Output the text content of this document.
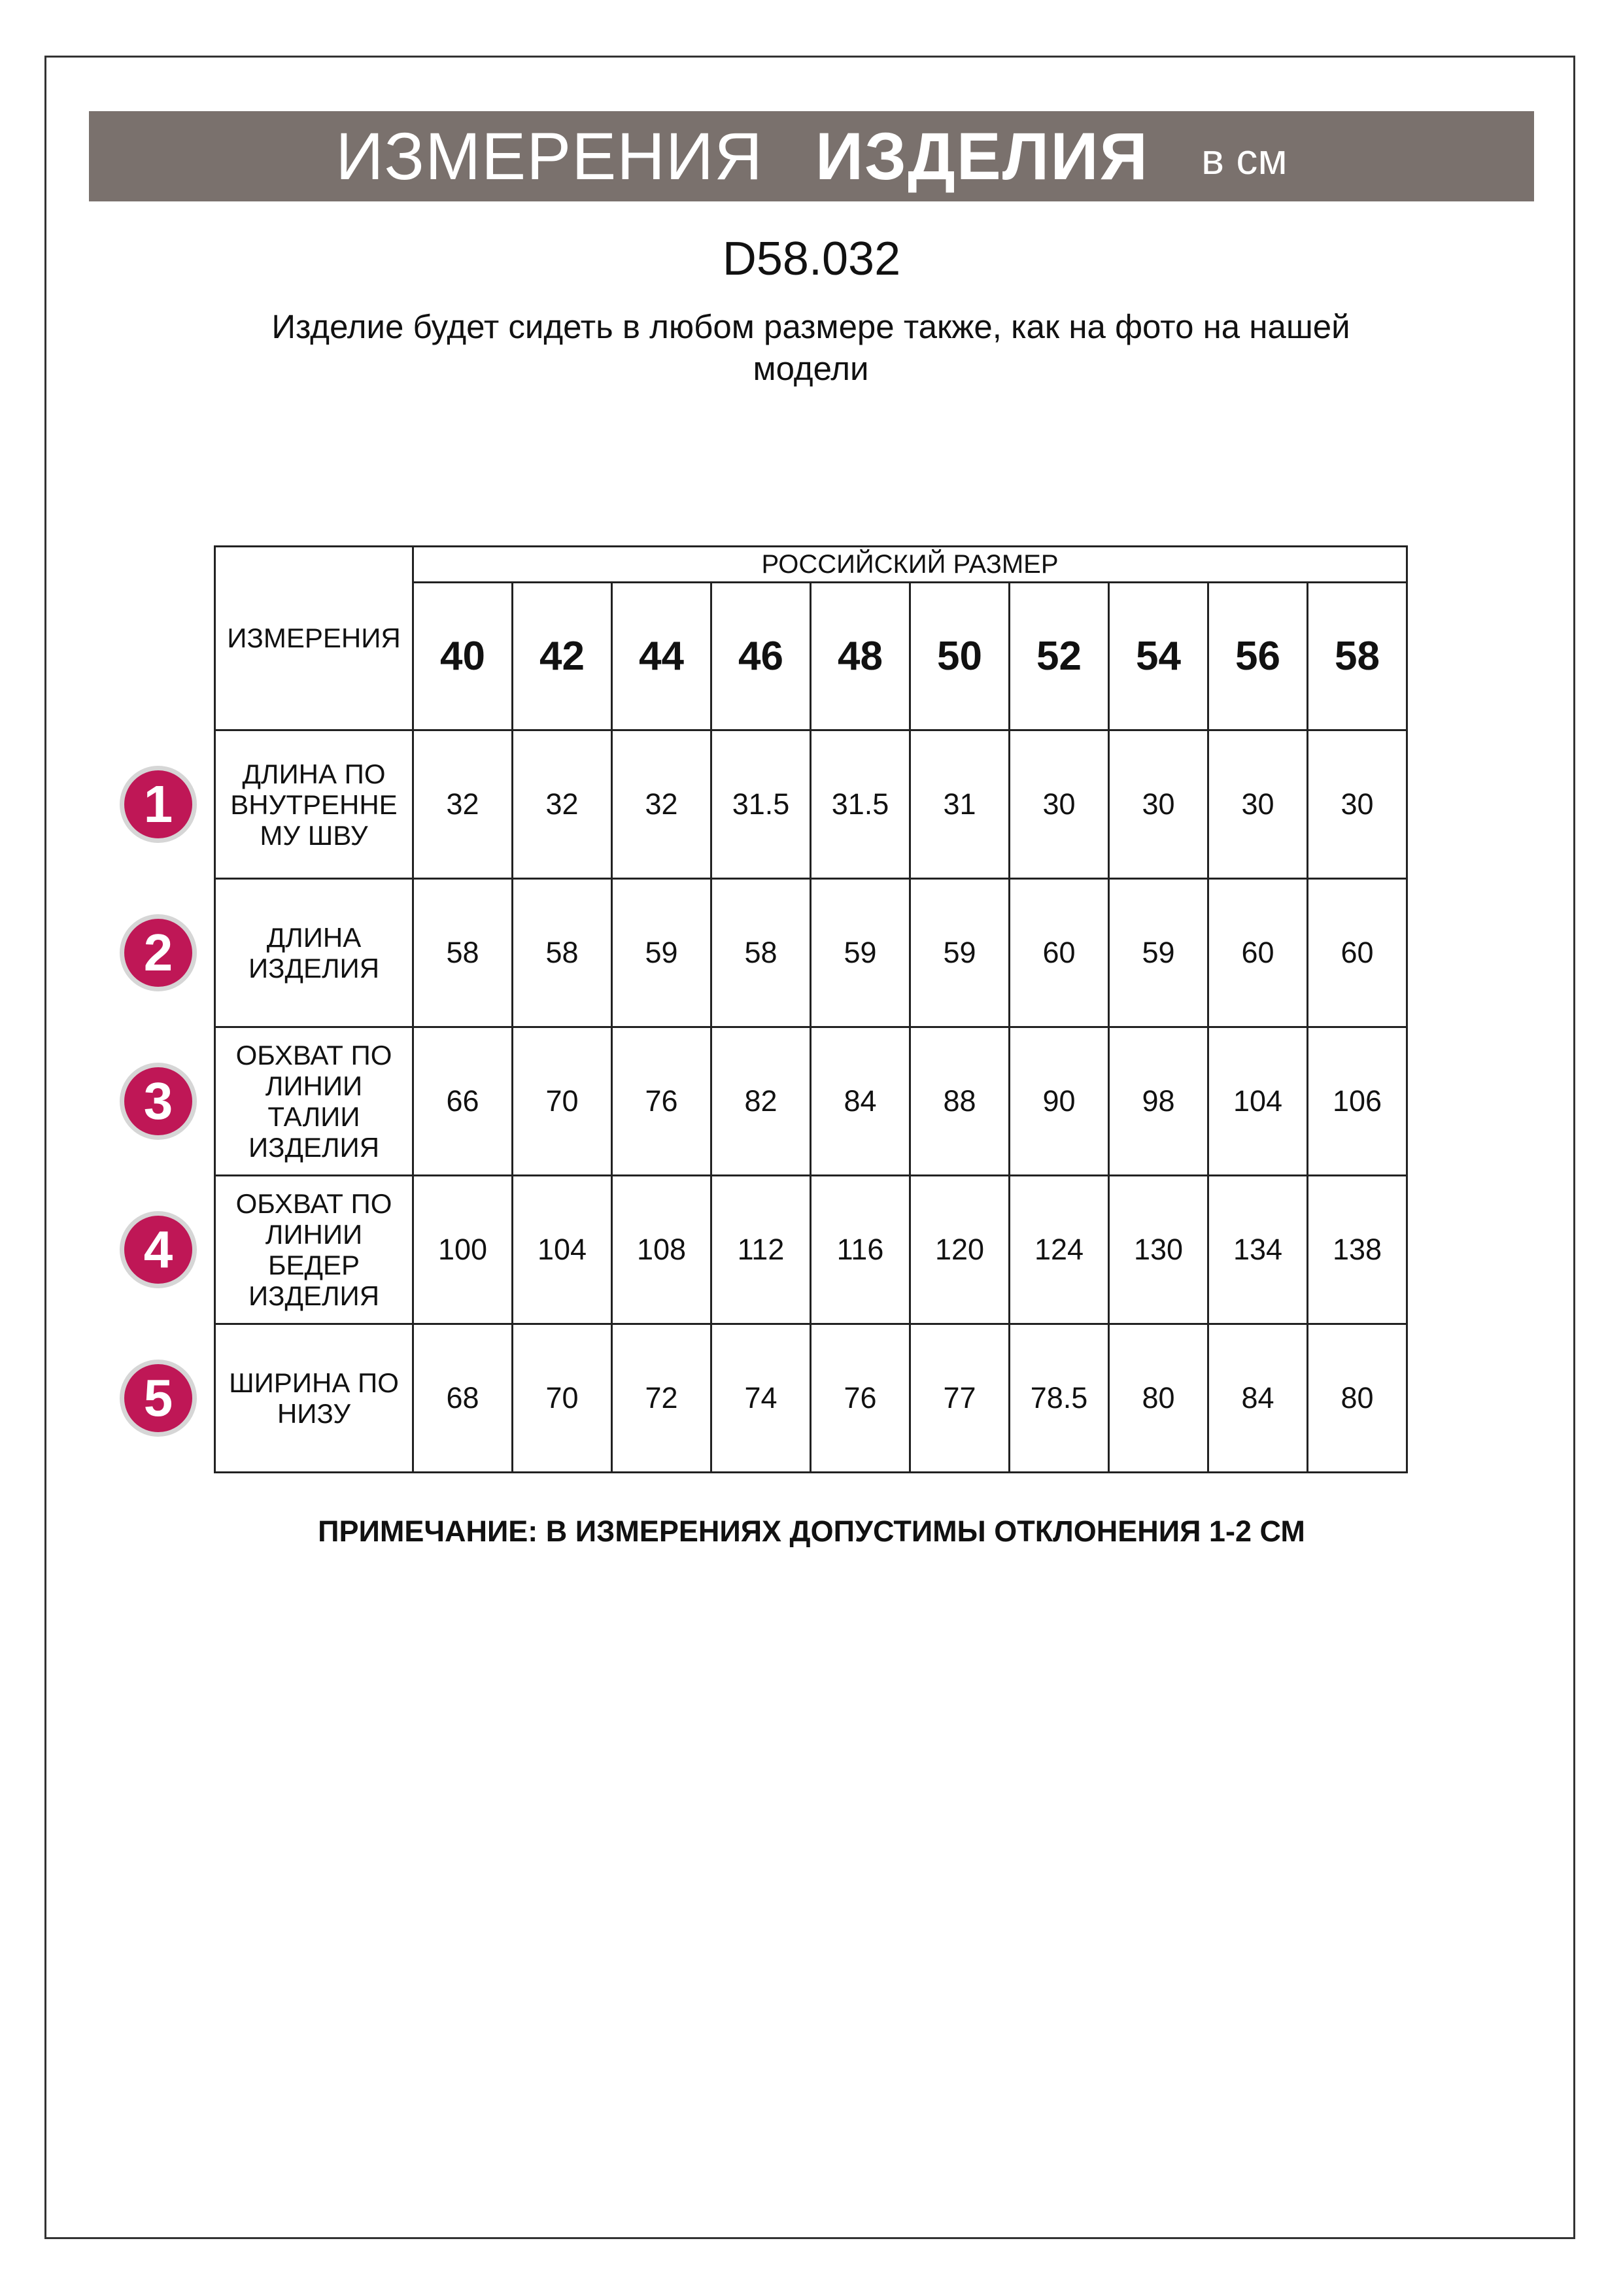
ИЗМЕРЕНИЯ ИЗДЕЛИЯ в см
D58.032
Изделие будет сидеть в любом размере также, как на фото на нашей модели
ИЗМЕРЕНИЯ	РОССИЙСКИЙ РАЗМЕР									
	40	42	44	46	48	50	52	54	56	58
ДЛИНА ПО ВНУТРЕННЕ МУ ШВУ	32	32	32	31.5	31.5	31	30	30	30	30
ДЛИНА ИЗДЕЛИЯ	58	58	59	58	59	59	60	59	60	60
ОБХВАТ ПО ЛИНИИ ТАЛИИ ИЗДЕЛИЯ	66	70	76	82	84	88	90	98	104	106
ОБХВАТ ПО ЛИНИИ БЕДЕР ИЗДЕЛИЯ	100	104	108	112	116	120	124	130	134	138
ШИРИНА ПО НИЗУ	68	70	72	74	76	77	78.5	80	84	80
1
2
3
4
5
ПРИМЕЧАНИЕ: В ИЗМЕРЕНИЯХ ДОПУСТИМЫ ОТКЛОНЕНИЯ 1-2 СМ
